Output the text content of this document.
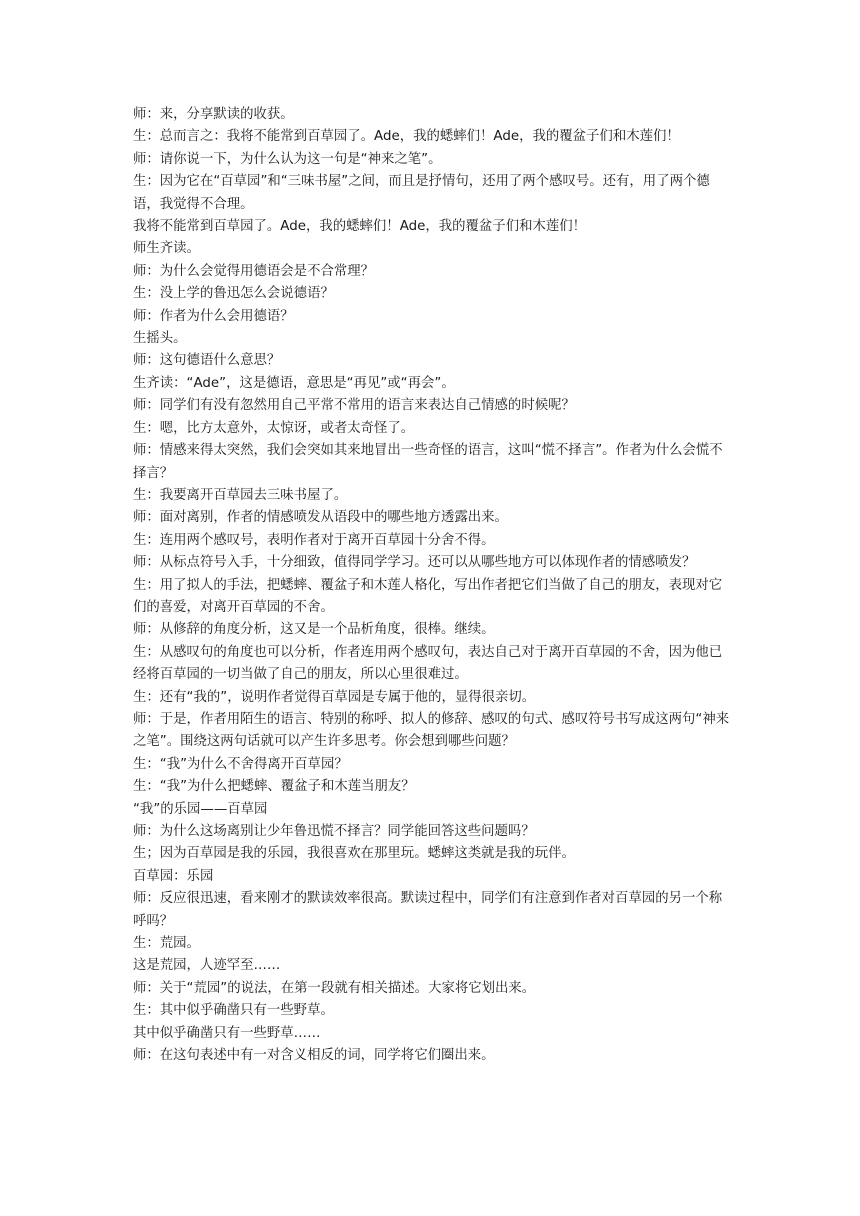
师：来，分享默读的收获。

生：总而言之：我将不能常到百草园了。Ade，我的蟋蟀们！Ade，我的覆盆子们和木莲们！

师：请你说一下，为什么认为这一句是“神来之笔”。

生：因为它在“百草园”和“三味书屋”之间，而且是抒情句，还用了两个感叹号。还有，用了两个德语，我觉得不合理。

我将不能常到百草园了。Ade，我的蟋蟀们！Ade，我的覆盆子们和木莲们！

师生齐读。

师：为什么会觉得用德语会是不合常理？

生：没上学的鲁迅怎么会说德语？

师：作者为什么会用德语？

生摇头。

师：这句德语什么意思？

生齐读：“Ade”，这是德语，意思是“再见”或“再会”。

师：同学们有没有忽然用自己平常不常用的语言来表达自己情感的时候呢？

生：嗯，比方太意外，太惊讶，或者太奇怪了。

师：情感来得太突然，我们会突如其来地冒出一些奇怪的语言，这叫“慌不择言”。作者为什么会慌不择言？

生：我要离开百草园去三味书屋了。

师：面对离别，作者的情感喷发从语段中的哪些地方透露出来。

生：连用两个感叹号，表明作者对于离开百草园十分舍不得。

师：从标点符号入手，十分细致，值得同学学习。还可以从哪些地方可以体现作者的情感喷发？

生：用了拟人的手法，把蟋蟀、覆盆子和木莲人格化，写出作者把它们当做了自己的朋友，表现对它们的喜爱，对离开百草园的不舍。

师：从修辞的角度分析，这又是一个品析角度，很棒。继续。

生：从感叹句的角度也可以分析，作者连用两个感叹句，表达自己对于离开百草园的不舍，因为他已经将百草园的一切当做了自己的朋友，所以心里很难过。

生：还有“我的”，说明作者觉得百草园是专属于他的，显得很亲切。

师：于是，作者用陌生的语言、特别的称呼、拟人的修辞、感叹的句式、感叹符号书写成这两句“神来之笔”。围绕这两句话就可以产生许多思考。你会想到哪些问题？

生：“我”为什么不舍得离开百草园？

生：“我”为什么把蟋蟀、覆盆子和木莲当朋友？

“我”的乐园——百草园

师：为什么这场离别让少年鲁迅慌不择言？同学能回答这些问题吗？

生；因为百草园是我的乐园，我很喜欢在那里玩。蟋蟀这类就是我的玩伴。

百草园：乐园

师：反应很迅速，看来刚才的默读效率很高。默读过程中，同学们有注意到作者对百草园的另一个称呼吗？

生：荒园。

这是荒园，人迹罕至……

师：关于“荒园”的说法，在第一段就有相关描述。大家将它划出来。

生：其中似乎确凿只有一些野草。

其中似乎确凿只有一些野草……

师：在这句表述中有一对含义相反的词，同学将它们圈出来。
